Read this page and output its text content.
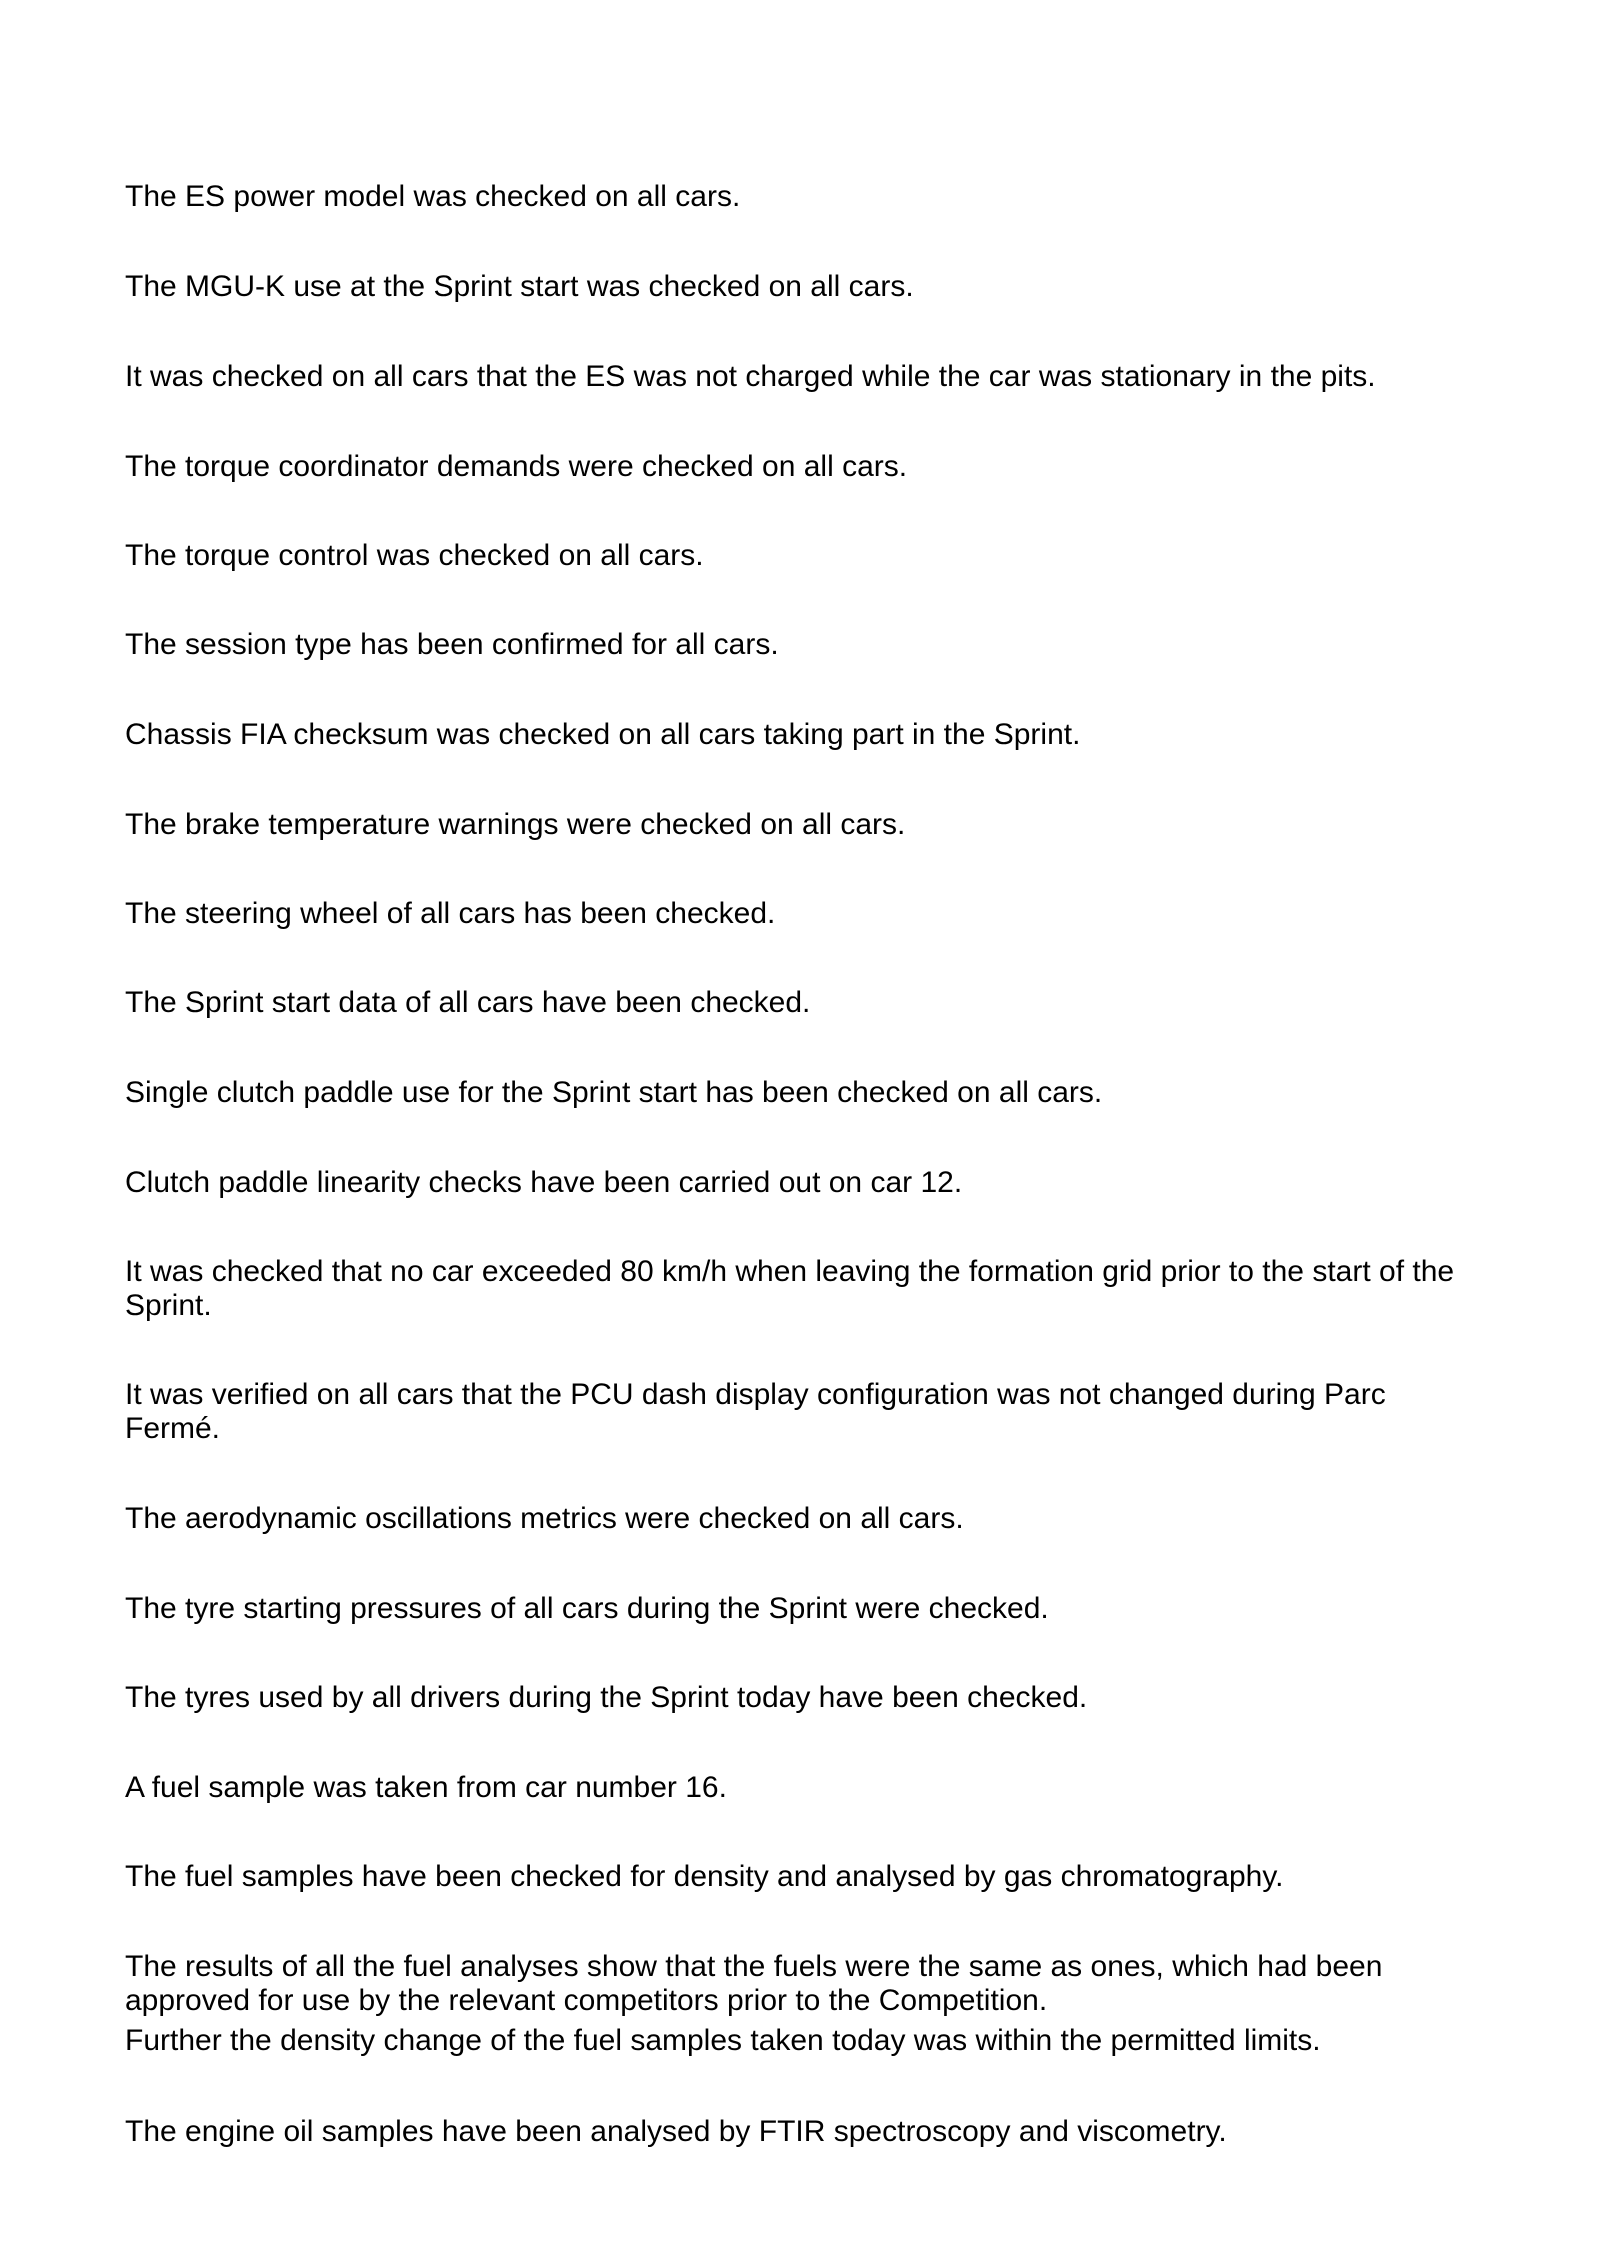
The ES power model was checked on all cars.

The MGU-K use at the Sprint start was checked on all cars.

It was checked on all cars that the ES was not charged while the car was stationary in the pits.

The torque coordinator demands were checked on all cars.

The torque control was checked on all cars.

The session type has been confirmed for all cars.

Chassis FIA checksum was checked on all cars taking part in the Sprint.

The brake temperature warnings were checked on all cars.

The steering wheel of all cars has been checked.

The Sprint start data of all cars have been checked.

Single clutch paddle use for the Sprint start has been checked on all cars.

Clutch paddle linearity checks have been carried out on car 12.

It was checked that no car exceeded 80 km/h when leaving the formation grid prior to the start of the Sprint.

It was verified on all cars that the PCU dash display configuration was not changed during Parc Fermé.

The aerodynamic oscillations metrics were checked on all cars.

The tyre starting pressures of all cars during the Sprint were checked.

The tyres used by all drivers during the Sprint today have been checked.

A fuel sample was taken from car number 16.

The fuel samples have been checked for density and analysed by gas chromatography.

The results of all the fuel analyses show that the fuels were the same as ones, which had been approved for use by the relevant competitors prior to the Competition.

Further the density change of the fuel samples taken today was within the permitted limits.

The engine oil samples have been analysed by FTIR spectroscopy and viscometry.
